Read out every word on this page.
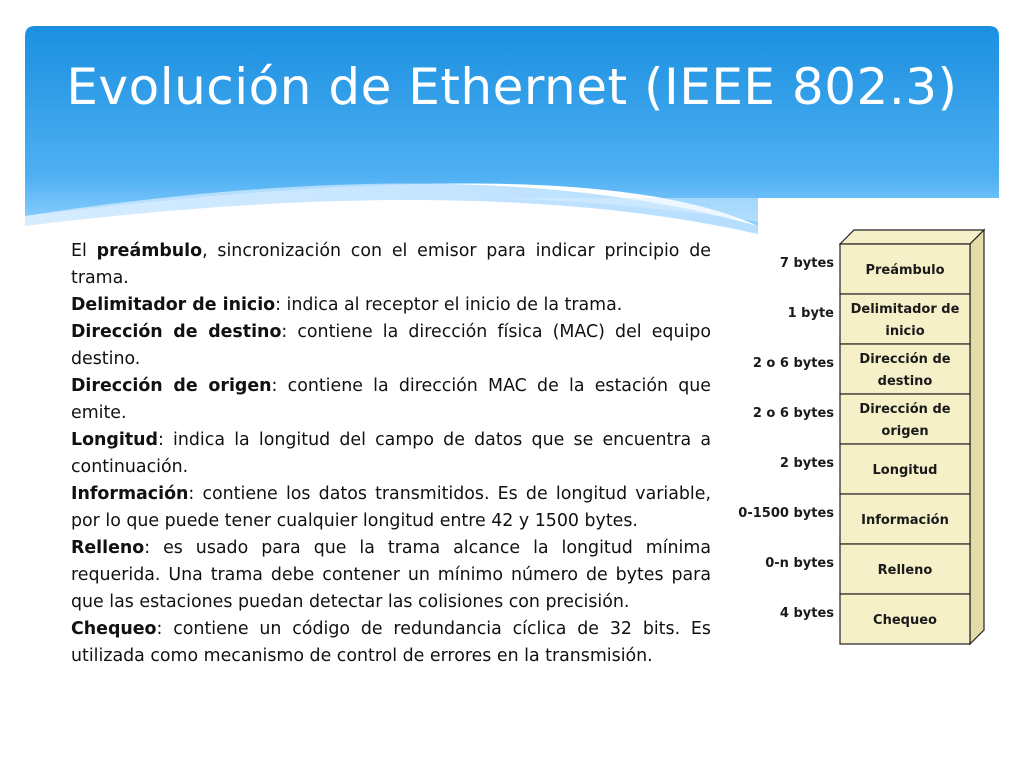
Evolución de Ethernet (IEEE 802.3)

El preámbulo, sincronización con el emisor para indicar principio de trama.

Delimitador de inicio: indica al receptor el inicio de la trama.

Dirección de destino: contiene la dirección física (MAC) del equipo destino.

Dirección de origen: contiene la dirección MAC de la estación que emite.

Longitud: indica la longitud del campo de datos que se encuentra a continuación.

Información: contiene los datos transmitidos. Es de longitud variable, por lo que puede tener cualquier longitud entre 42 y 1500 bytes.

Relleno: es usado para que la trama alcance la longitud mínima requerida. Una trama debe contener un mínimo número de bytes para que las estaciones puedan detectar las colisiones con precisión.

Chequeo: contiene un código de redundancia cíclica de 32 bits. Es utilizada como mecanismo de control de errores en la transmisión.

Preámbulo
7 bytes
Delimitador de
inicio
1 byte
Dirección de
destino
2 o 6 bytes
Dirección de
origen
2 o 6 bytes
Longitud
2 bytes
Información
0-1500 bytes
Relleno
0-n bytes
Chequeo
4 bytes
